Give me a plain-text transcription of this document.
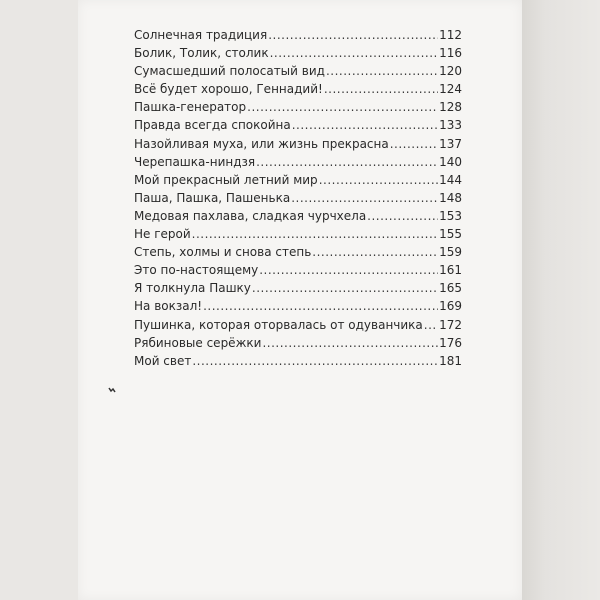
Солнечная традиция .....	112
Болик, Толик, столик .....	116
Сумасшедший полосатый вид .....	120
Всё будет хорошо, Геннадий! .....	124
Пашка-генератор .....	128
Правда всегда спокойна .....	133
Назойливая муха, или жизнь прекрасна .....	137
Черепашка-ниндзя .....	140
Мой прекрасный летний мир .....	144
Паша, Пашка, Пашенька .....	148
Медовая пахлава, сладкая чурчхела .....	153
Не герой .....	155
Степь, холмы и снова степь .....	159
Это по-настоящему .....	161
Я толкнула Пашку .....	165
На вокзал! .....	169
Пушинка, которая оторвалась от одуванчика ..... 172
Рябиновые серёжки .....	176
Мой свет .....	181
